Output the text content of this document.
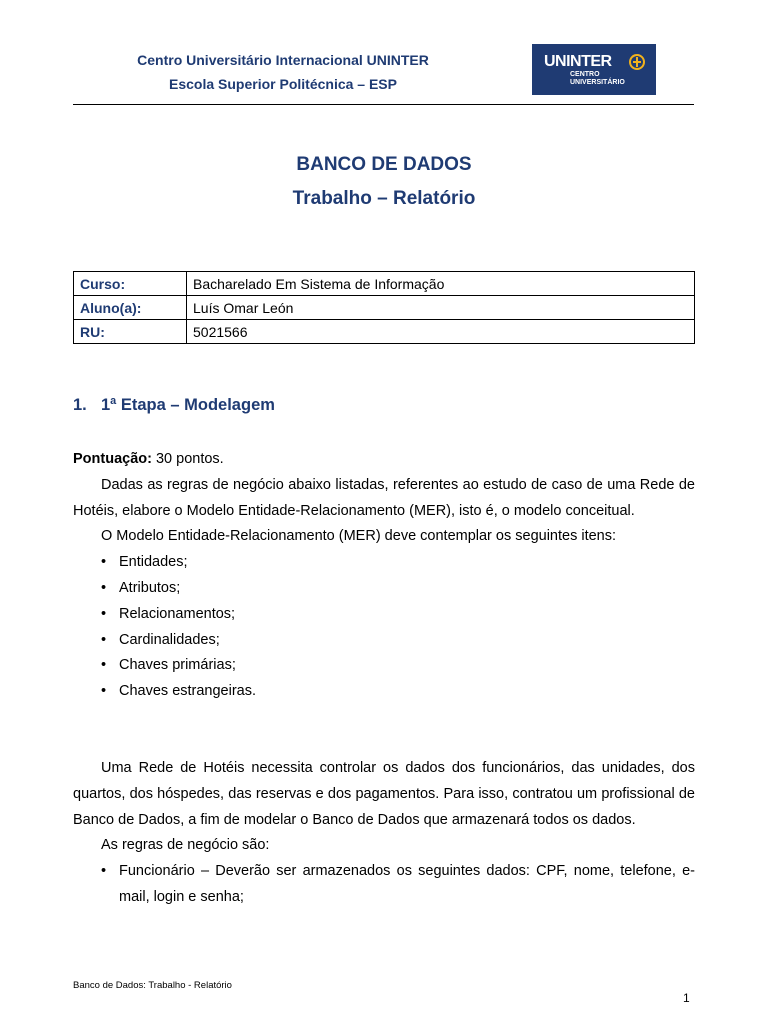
Centro Universitário Internacional UNINTER
Escola Superior Politécnica – ESP
UNINTER
CENTRO
UNIVERSITÁRIO
BANCO DE DADOS
Trabalho – Relatório
Curso:	Bacharelado Em Sistema de Informação
Aluno(a):	Luís Omar León
RU:	5021566
1. 1ª Etapa – Modelagem

Pontuação: 30 pontos.

Dadas as regras de negócio abaixo listadas, referentes ao estudo de caso de uma Rede de Hotéis, elabore o Modelo Entidade-Relacionamento (MER), isto é, o modelo conceitual.

O Modelo Entidade-Relacionamento (MER) deve contemplar os seguintes itens:

• Entidades;
• Atributos;
• Relacionamentos;
• Cardinalidades;
• Chaves primárias;
• Chaves estrangeiras.

Uma Rede de Hotéis necessita controlar os dados dos funcionários, das unidades, dos quartos, dos hóspedes, das reservas e dos pagamentos. Para isso, contratou um profissional de Banco de Dados, a fim de modelar o Banco de Dados que armazenará todos os dados.

As regras de negócio são:

• Funcionário – Deverão ser armazenados os seguintes dados: CPF, nome, telefone, e-mail, login e senha;

Banco de Dados: Trabalho - Relatório
1
